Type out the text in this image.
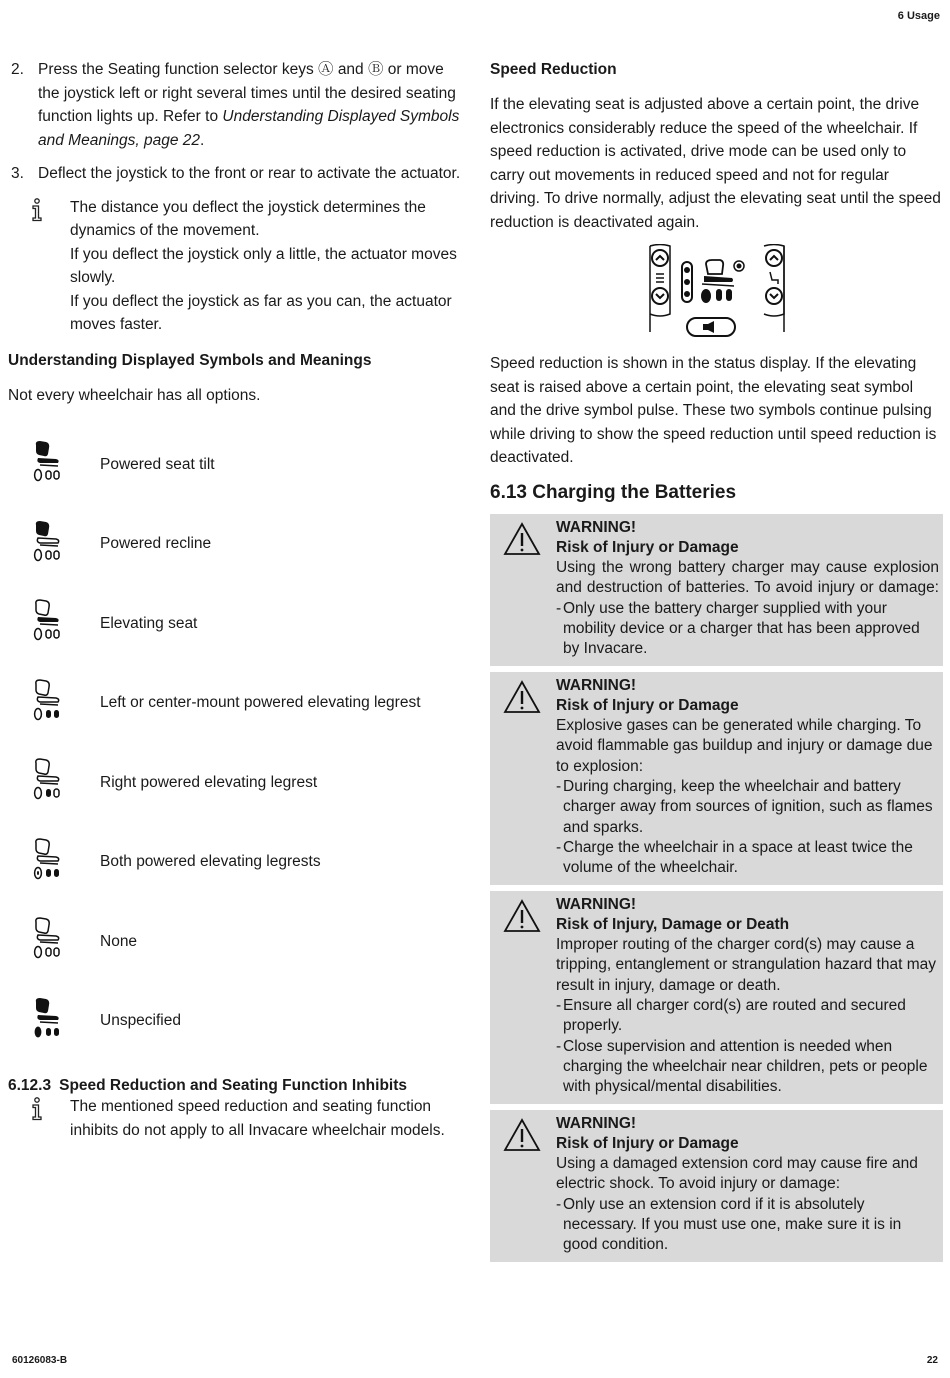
6 Usage
2. Press the Seating function selector keys Ⓐ and Ⓑ or move the joystick left or right several times until the desired seating function lights up. Refer to Understanding Displayed Symbols and Meanings, page 22.
3. Deflect the joystick to the front or rear to activate the actuator.

The distance you deflect the joystick determines the dynamics of the movement.

If you deflect the joystick only a little, the actuator moves slowly.

If you deflect the joystick as far as you can, the actuator moves faster.

Understanding Displayed Symbols and Meanings

Not every wheelchair has all options.

Powered seat tilt
Powered recline
Elevating seat
Left or center-mount powered elevating legrest
Right powered elevating legrest
Both powered elevating legrests
None
Unspecified
6.12.3 Speed Reduction and Seating Function Inhibits

The mentioned speed reduction and seating function inhibits do not apply to all Invacare wheelchair models.

Speed Reduction

If the elevating seat is adjusted above a certain point, the drive electronics considerably reduce the speed of the wheelchair. If speed reduction is activated, drive mode can be used only to carry out movements in reduced speed and not for regular driving. To drive normally, adjust the elevating seat until the speed reduction is deactivated again.

Speed reduction is shown in the status display. If the elevating seat is raised above a certain point, the elevating seat symbol and the drive symbol pulse. These two symbols continue pulsing while driving to show the speed reduction until speed reduction is deactivated.

6.13 Charging the Batteries
WARNING!
Risk of Injury or Damage
Using the wrong battery charger may cause explosion and destruction of batteries. To avoid injury or damage:
- Only use the battery charger supplied with your mobility device or a charger that has been approved by Invacare.
WARNING!
Risk of Injury or Damage
Explosive gases can be generated while charging. To avoid flammable gas buildup and injury or damage due to explosion:
- During charging, keep the wheelchair and battery charger away from sources of ignition, such as flames and sparks.
- Charge the wheelchair in a space at least twice the volume of the wheelchair.
WARNING!
Risk of Injury, Damage or Death
Improper routing of the charger cord(s) may cause a tripping, entanglement or strangulation hazard that may result in injury, damage or death.
- Ensure all charger cord(s) are routed and secured properly.
- Close supervision and attention is needed when charging the wheelchair near children, pets or people with physical/mental disabilities.
WARNING!
Risk of Injury or Damage
Using a damaged extension cord may cause fire and electric shock. To avoid injury or damage:
- Only use an extension cord if it is absolutely necessary. If you must use one, make sure it is in good condition.
60126083-B	22
